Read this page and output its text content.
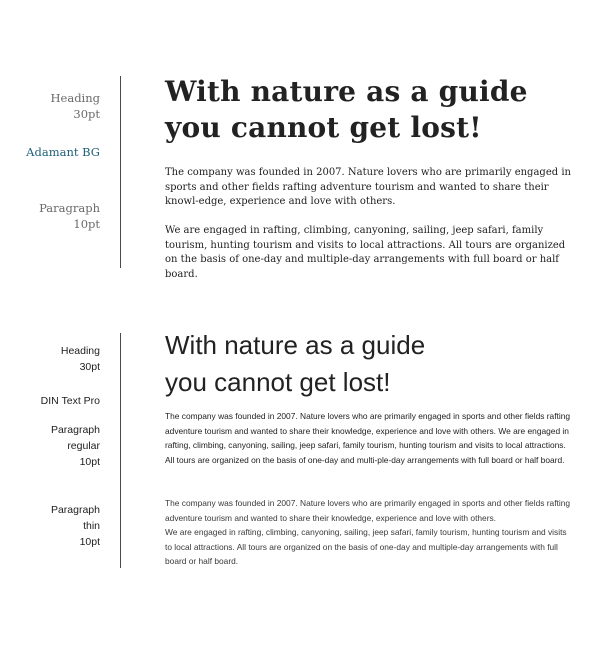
Heading
30pt
Adamant BG
Paragraph
10pt
With nature as a guide
you cannot get lost!

The company was founded in 2007. Nature lovers who are primarily engaged in sports and other fields rafting adventure tourism and wanted to share their knowl-edge, experience and love with others.

We are engaged in rafting, climbing, canyoning, sailing, jeep safari, family tourism, hunting tourism and visits to local attractions. All tours are organized on the basis of one-day and multiple-day arrangements with full board or half board.

Heading
30pt
DIN Text Pro
Paragraph
regular
10pt
Paragraph
thin
10pt
With nature as a guide
you cannot get lost!

The company was founded in 2007. Nature lovers who are primarily engaged in sports and other fields rafting adventure tourism and wanted to share their knowledge, experience and love with others. We are engaged in rafting, climbing, canyoning, sailing, jeep safari, family tourism, hunting tourism and visits to local attractions. All tours are organized on the basis of one-day and multi-ple-day arrangements with full board or half board.

The company was founded in 2007. Nature lovers who are primarily engaged in sports and other fields rafting adventure tourism and wanted to share their knowledge, experience and love with others.
We are engaged in rafting, climbing, canyoning, sailing, jeep safari, family tourism, hunting tourism and visits to local attractions. All tours are organized on the basis of one-day and multiple-day arrangements with full board or half board.
